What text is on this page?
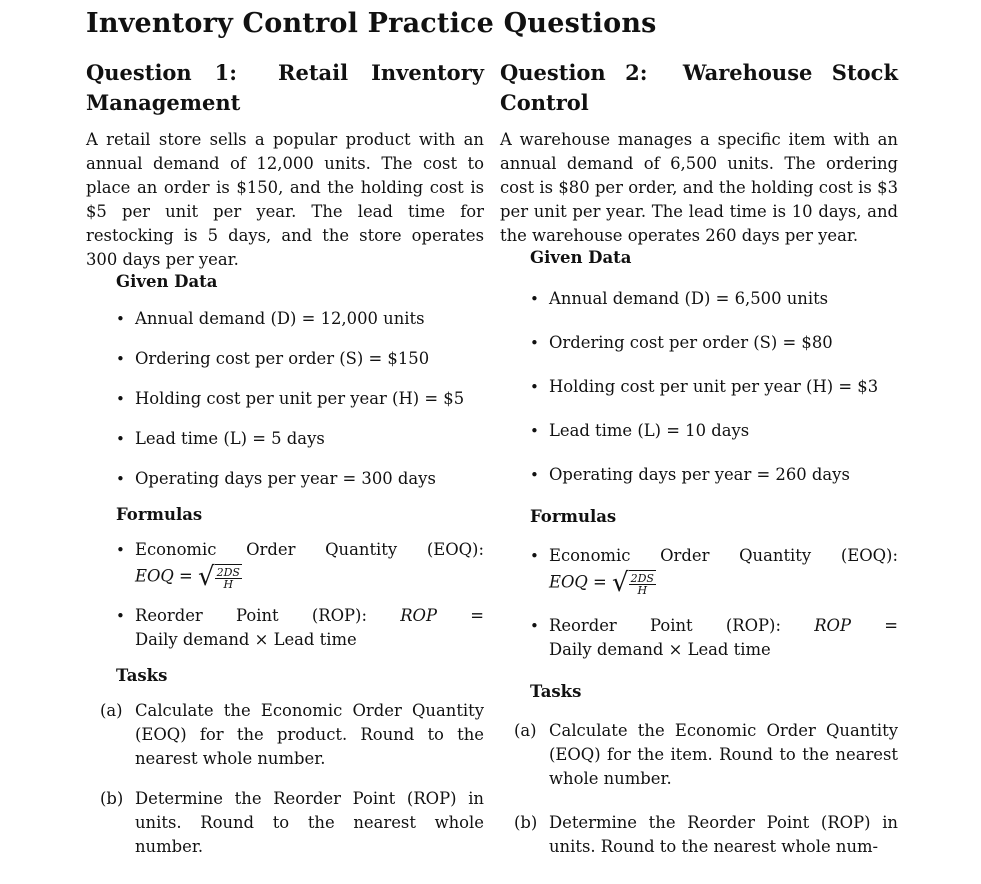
Inventory Control Practice Questions
Question 1: Retail Inventory
Management
A retail store sells a popular product with an annual demand of 12,000 units. The cost to place an order is $150, and the holding cost is $5 per unit per year. The lead time for restocking is 5 days, and the store operates 300 days per year.
Given Data
• Annual demand (D) = 12,000 units
• Ordering cost per order (S) = $150
• Holding cost per unit per year (H) = $5
• Lead time (L) = 5 days
• Operating days per year = 300 days
Formulas
• Economic Order Quantity (EOQ):
EOQ = √ $\frac{2DS}{H}$
• Reorder Point (ROP): ROP =
Daily demand × Lead time
Tasks
(a) Calculate the Economic Order Quantity (EOQ) for the product. Round to the nearest whole number.
(b) Determine the Reorder Point (ROP) in units. Round to the nearest whole number.
Question 2: Warehouse Stock
Control
A warehouse manages a specific item with an annual demand of 6,500 units. The ordering cost is $80 per order, and the holding cost is $3 per unit per year. The lead time is 10 days, and the warehouse operates 260 days per year.
Given Data
• Annual demand (D) = 6,500 units
• Ordering cost per order (S) = $80
• Holding cost per unit per year (H) = $3
• Lead time (L) = 10 days
• Operating days per year = 260 days
Formulas
• Economic Order Quantity (EOQ):
EOQ = √ $\frac{2DS}{H}$
• Reorder Point (ROP): ROP =
Daily demand × Lead time
Tasks
(a) Calculate the Economic Order Quantity (EOQ) for the item. Round to the nearest whole number.
(b) Determine the Reorder Point (ROP) in units. Round to the nearest whole num-
